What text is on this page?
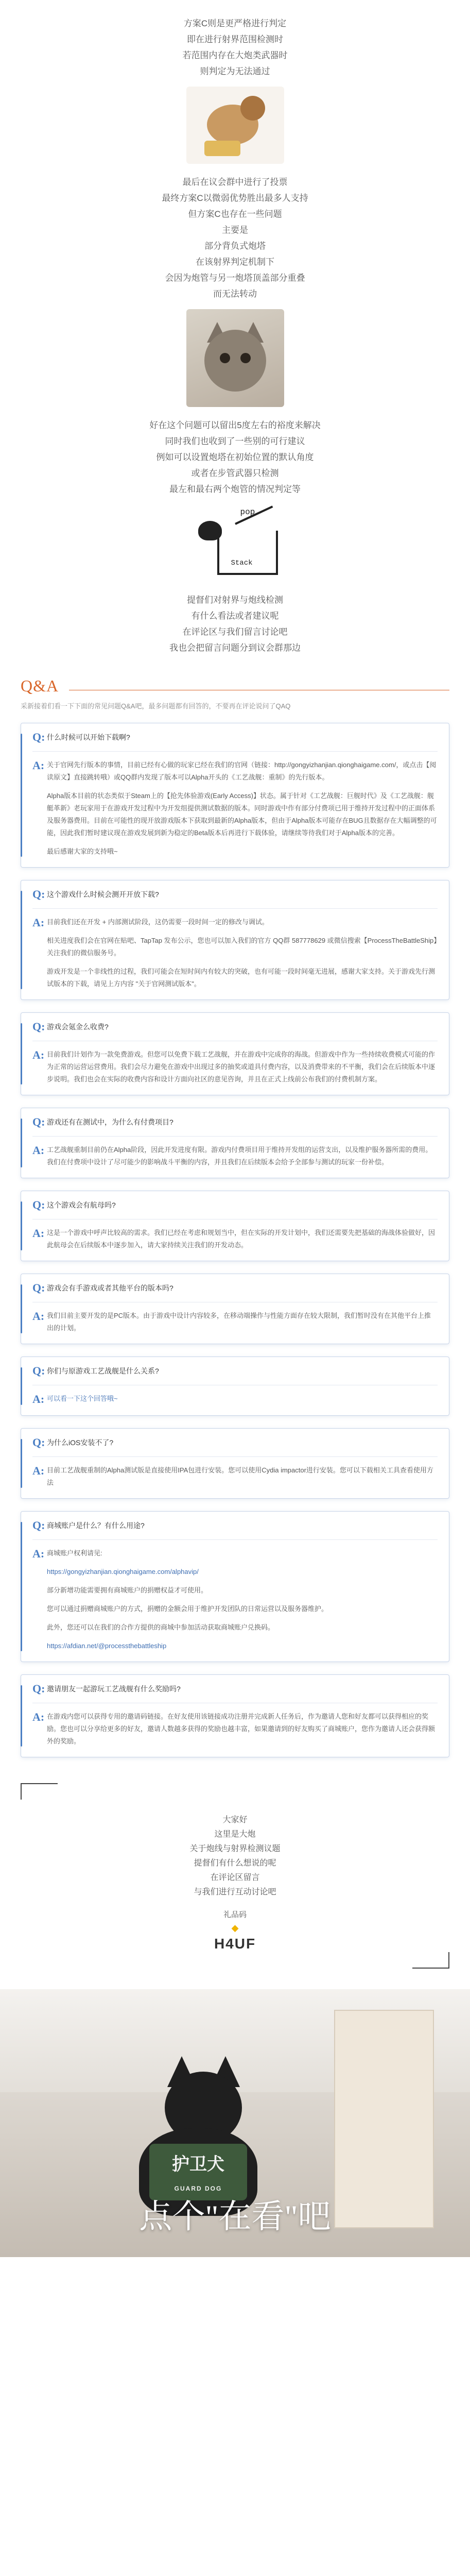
方案C则是更严格进行判定

即在进行射界范围检测时

若范围内存在大炮类武器时

则判定为无法通过

最后在议会群中进行了投票

最终方案C以微弱优势胜出最多人支持

但方案C也存在一些问题

主要是

部分背负式炮塔

在该射界判定机制下

会因为炮管与另一炮塔顶盖部分重叠

而无法转动

好在这个问题可以留出5度左右的裕度来解决

同时我们也收到了一些别的可行建议

例如可以设置炮塔在初始位置的默认角度

或者在步管武器只检测

最左和最右两个炮管的情况判定等

pop
Stack

提督们对射界与炮线检测

有什么看法或者建议呢

在评论区与我们留言讨论吧

我也会把留言问题分到议会群那边

Q&A
采新接着们看一下下面的常见问题Q&A吧，最多问题都有回答的，不要再在评论说问了QAQ
Q: 什么时候可以开始下载啊?
A: 关于官网先行版本的事情，目前已经有心做的玩家已经在我们的官网（链接：http://gongyizhanjian.qionghaigame.com/，或点击【阅读原文】直接跳转哦）或QQ群内发现了版本可以Alpha开头的《工艺战舰：重制》的先行版本。

Alpha版本目前的状态类似于Steam上的【抢先体验游戏(Early Access)】状态。属于针对《工艺战舰：巨舰时代》及《工艺战舰：舰艇革新》老玩家用于在游戏开发过程中为开发组提供测试数据的版本。同时游戏中作有部分付费项已用于维持开发过程中的正面体系及服务器费用。目前在可能性的现开放游戏版本下获取到最新的Alpha版本，但由于Alpha版本可能存在BUG且数据存在大幅调整的可能，因此我们暂时建议现在游戏发展到新为稳定的Beta版本后再进行下载体验，请继续等待我们对于Alpha版本的完善。

最后感谢大家的支持哦~

Q: 这个游戏什么时候会测开开放下载?
A: 目前我们还在开发 + 内部测试阶段，这仍需要一段时间一定的修改与调试。

相关进度我们会在官网在贴吧、TapTap 发布公示，您也可以加入我们的官方 QQ群 587778629 或微信搜索【ProcessTheBattleShip】关注我们的微信服务号。

游戏开发是一个非线性的过程，我们可能会在短时间内有较大的突破，也有可能一段时间毫无进展，感谢大家支持。关于游戏先行测试版本的下载，请见上方内容 "关于官网测试版本"。

Q: 游戏会氪金么收费?
A: 目前我们计划作为一款免费游戏。但您可以免费下载工艺战舰，并在游戏中完成你的海战。但游戏中作为一些持续收费模式可能的作为正常的运营运营费用。我们会尽力避免在游戏中出现过多的抽奖或道具付费内容，以及消费带来的不平衡，我们会在后续版本中逐步说明。我们也会在实际的收费内容和设计方面向社区的意见咨询，并且在正式上线前公布我们的付费机制方案。

Q: 游戏还有在测试中，为什么有付费项目?
A: 工艺战舰重制目前仍在Alpha阶段，因此开发进度有限。游戏内付费项目用于维持开发组的运营支出，以及维护服务器所需的费用。我们在付费项中设计了尽可能少的影响战斗平衡的内容，并且我们在后续版本会给予全部参与测试的玩家一份补偿。

Q: 这个游戏会有航母吗?
A: 这是一个游戏中呼声比较高的需求。我们已经在考虑和规划当中，但在实际的开发计划中，我们还需要先把基础的海战体验做好，因此航母会在后续版本中逐步加入，请大家持续关注我们的开发动态。

Q: 游戏会有手游戏或者其他平台的版本吗?
A: 我们目前主要开发的是PC版本。由于游戏中设计内容较多，在移动端操作与性能方面存在较大限制，我们暂时没有在其他平台上推出的计划。

Q: 你们与原游戏工艺战舰是什么关系?
A: 可以看一下这个回答哦~

Q: 为什么iOS安装不了?
A: 目前工艺战舰重制的Alpha测试版是直接使用IPA包进行安装。您可以使用Cydia impactor进行安装。您可以下载相关工具查看使用方法

Q: 商城账户是什么？有什么用途?
A: 商城账户权利请见:

https://gongyizhanjian.qionghaigame.com/alphavip/

部分新增功能需要拥有商城账户的捐赠权益才可使用。

您可以通过捐赠商城账户的方式，捐赠的金额会用于维护开发团队的日常运营以及服务器维护。

此外，您还可以在我们的合作方提供的商城中参加活动获取商城账户兑换码。

https://afdian.net/@processthebattleship

Q: 邀请朋友一起游玩工艺战舰有什么奖励吗?
A: 在游戏内您可以获得专用的邀请码链接。在好友使用该链接成功注册并完成新人任务后，作为邀请人您和好友都可以获得相应的奖励。您也可以分享给更多的好友，邀请人数越多获得的奖励也越丰富，如果邀请到的好友购买了商城账户，您作为邀请人还会获得额外的奖励。

大家好

这里是大炮

关于炮线与射界检测议题

提督们有什么想说的呢

在评论区留言

与我们进行互动讨论吧

礼品码
◆
H4UF
护卫犬
GUARD DOG
点个"在看"吧
